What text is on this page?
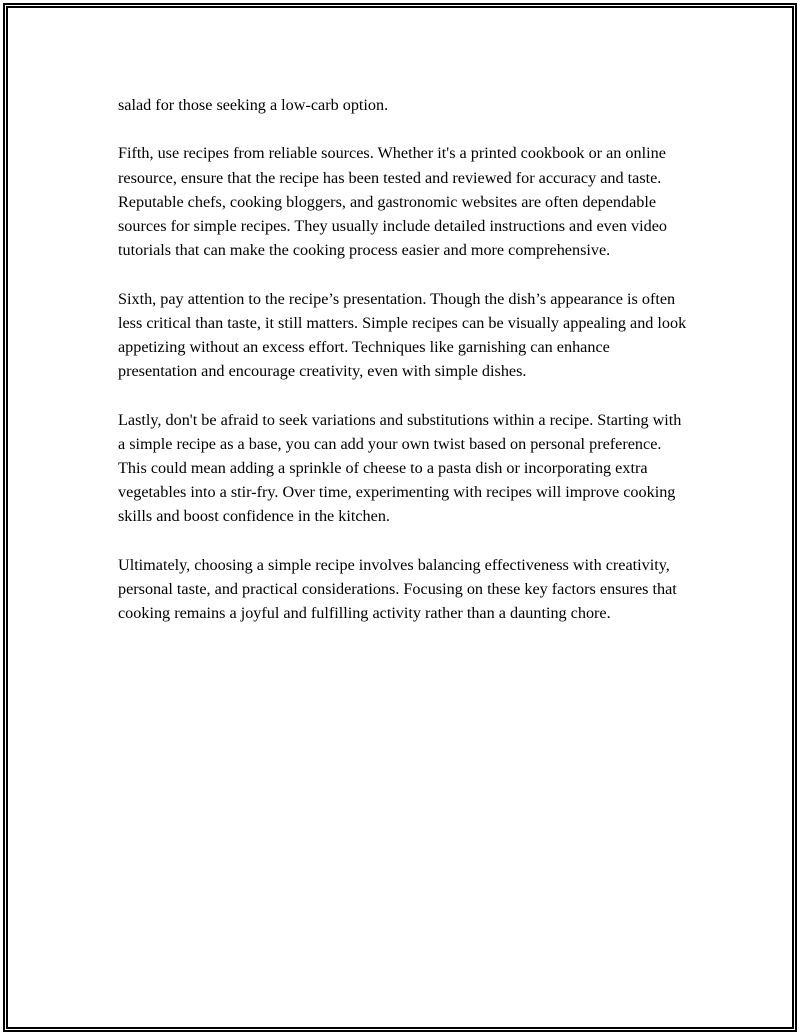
salad for those seeking a low-carb option.

Fifth, use recipes from reliable sources. Whether it's a printed cookbook or an online resource, ensure that the recipe has been tested and reviewed for accuracy and taste. Reputable chefs, cooking bloggers, and gastronomic websites are often dependable sources for simple recipes. They usually include detailed instructions and even video tutorials that can make the cooking process easier and more comprehensive.

Sixth, pay attention to the recipe’s presentation. Though the dish’s appearance is often less critical than taste, it still matters. Simple recipes can be visually appealing and look appetizing without an excess effort. Techniques like garnishing can enhance presentation and encourage creativity, even with simple dishes.

Lastly, don't be afraid to seek variations and substitutions within a recipe. Starting with a simple recipe as a base, you can add your own twist based on personal preference. This could mean adding a sprinkle of cheese to a pasta dish or incorporating extra vegetables into a stir-fry. Over time, experimenting with recipes will improve cooking skills and boost confidence in the kitchen.

Ultimately, choosing a simple recipe involves balancing effectiveness with creativity, personal taste, and practical considerations. Focusing on these key factors ensures that cooking remains a joyful and fulfilling activity rather than a daunting chore.
